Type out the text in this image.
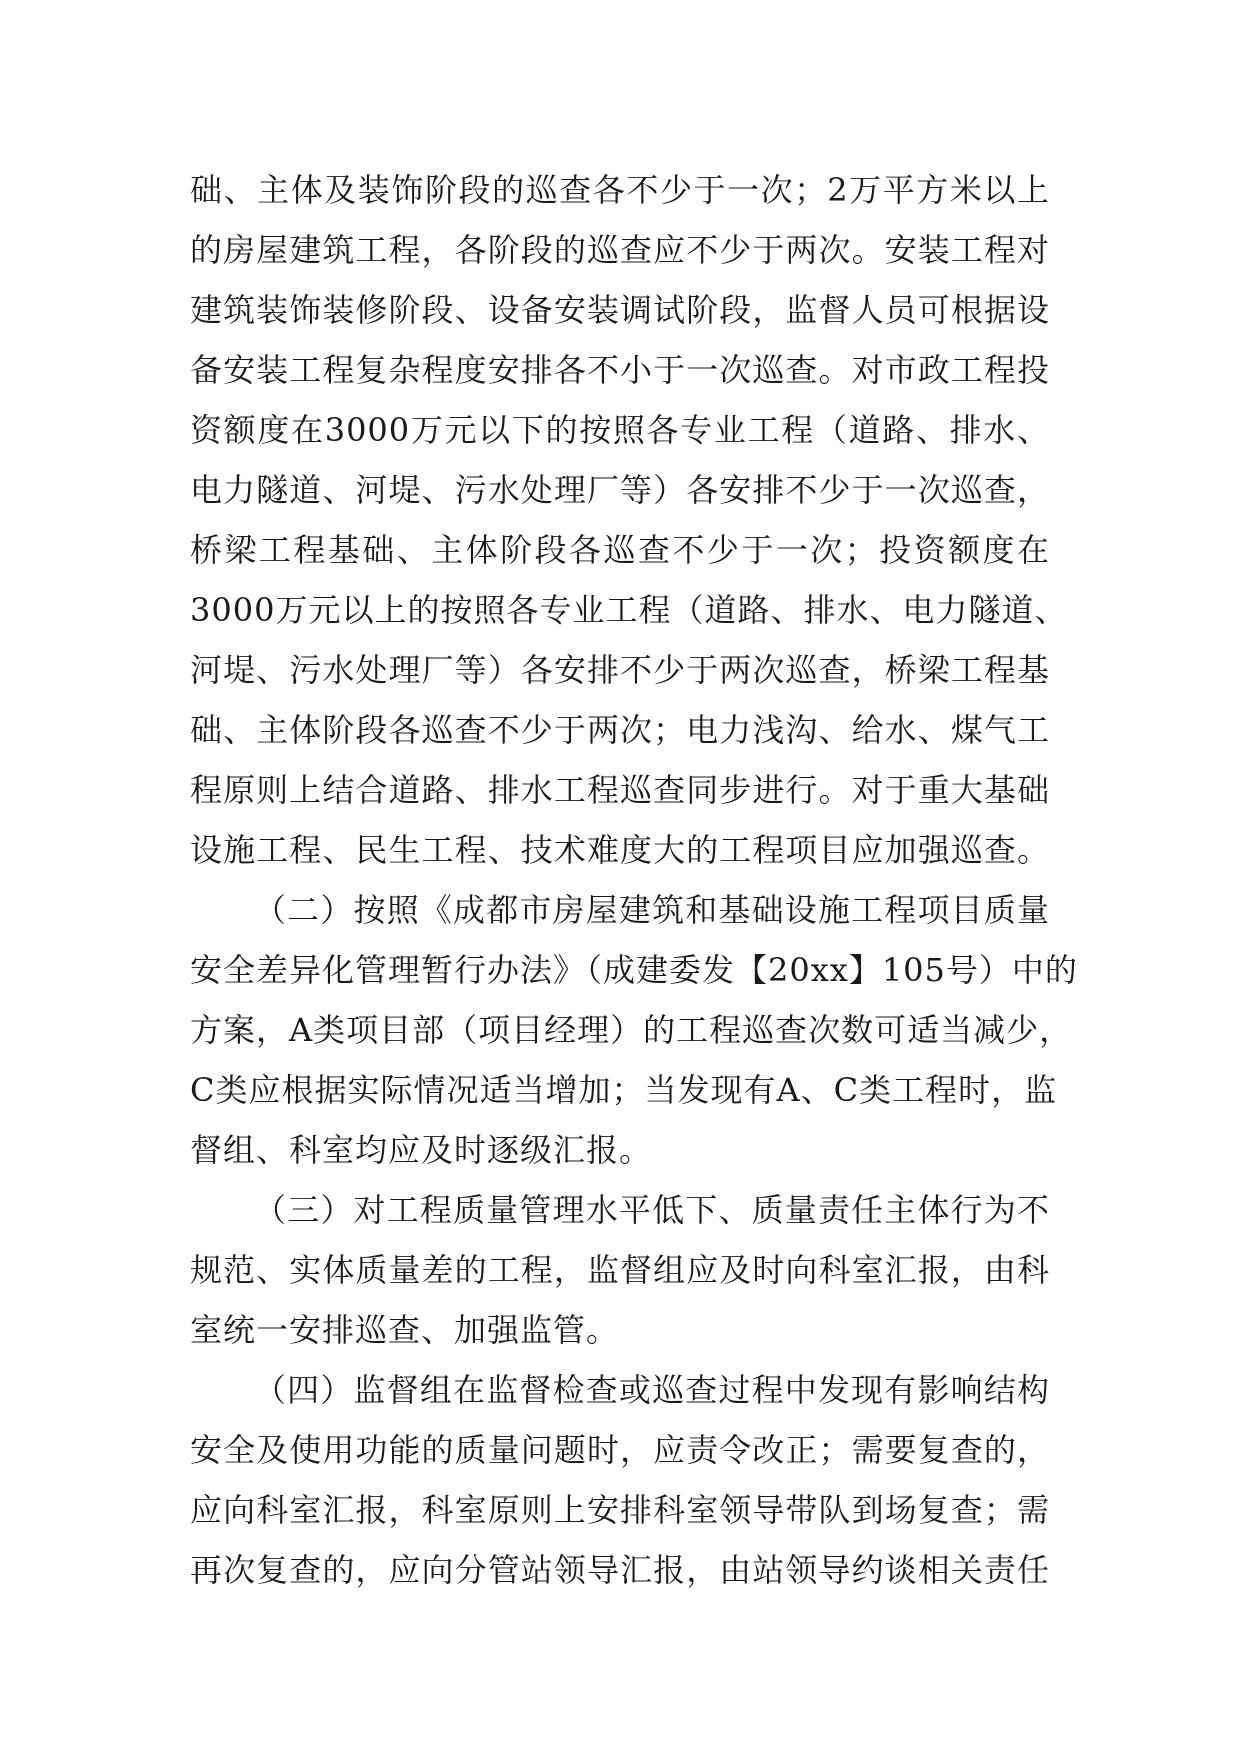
础、主体及装饰阶段的巡查各不少于一次；2万平方米以上
的房屋建筑工程，各阶段的巡查应不少于两次。安装工程对
建筑装饰装修阶段、设备安装调试阶段，监督人员可根据设
备安装工程复杂程度安排各不小于一次巡查。对市政工程投
资额度在3000万元以下的按照各专业工程（道路、排水、
电力隧道、河堤、污水处理厂等）各安排不少于一次巡查，
桥梁工程基础、主体阶段各巡查不少于一次；投资额度在
3000万元以上的按照各专业工程（道路、排水、电力隧道、
河堤、污水处理厂等）各安排不少于两次巡查，桥梁工程基
础、主体阶段各巡查不少于两次；电力浅沟、给水、煤气工
程原则上结合道路、排水工程巡查同步进行。对于重大基础
设施工程、民生工程、技术难度大的工程项目应加强巡查。
（二）按照《成都市房屋建筑和基础设施工程项目质量
安全差异化管理暂行办法》（成建委发【20xx】105号）中的
方案，A类项目部（项目经理）的工程巡查次数可适当减少，
C类应根据实际情况适当增加；当发现有A、C类工程时，监
督组、科室均应及时逐级汇报。
（三）对工程质量管理水平低下、质量责任主体行为不
规范、实体质量差的工程，监督组应及时向科室汇报，由科
室统一安排巡查、加强监管。
（四）监督组在监督检查或巡查过程中发现有影响结构
安全及使用功能的质量问题时，应责令改正；需要复查的，
应向科室汇报，科室原则上安排科室领导带队到场复查；需
再次复查的，应向分管站领导汇报，由站领导约谈相关责任
